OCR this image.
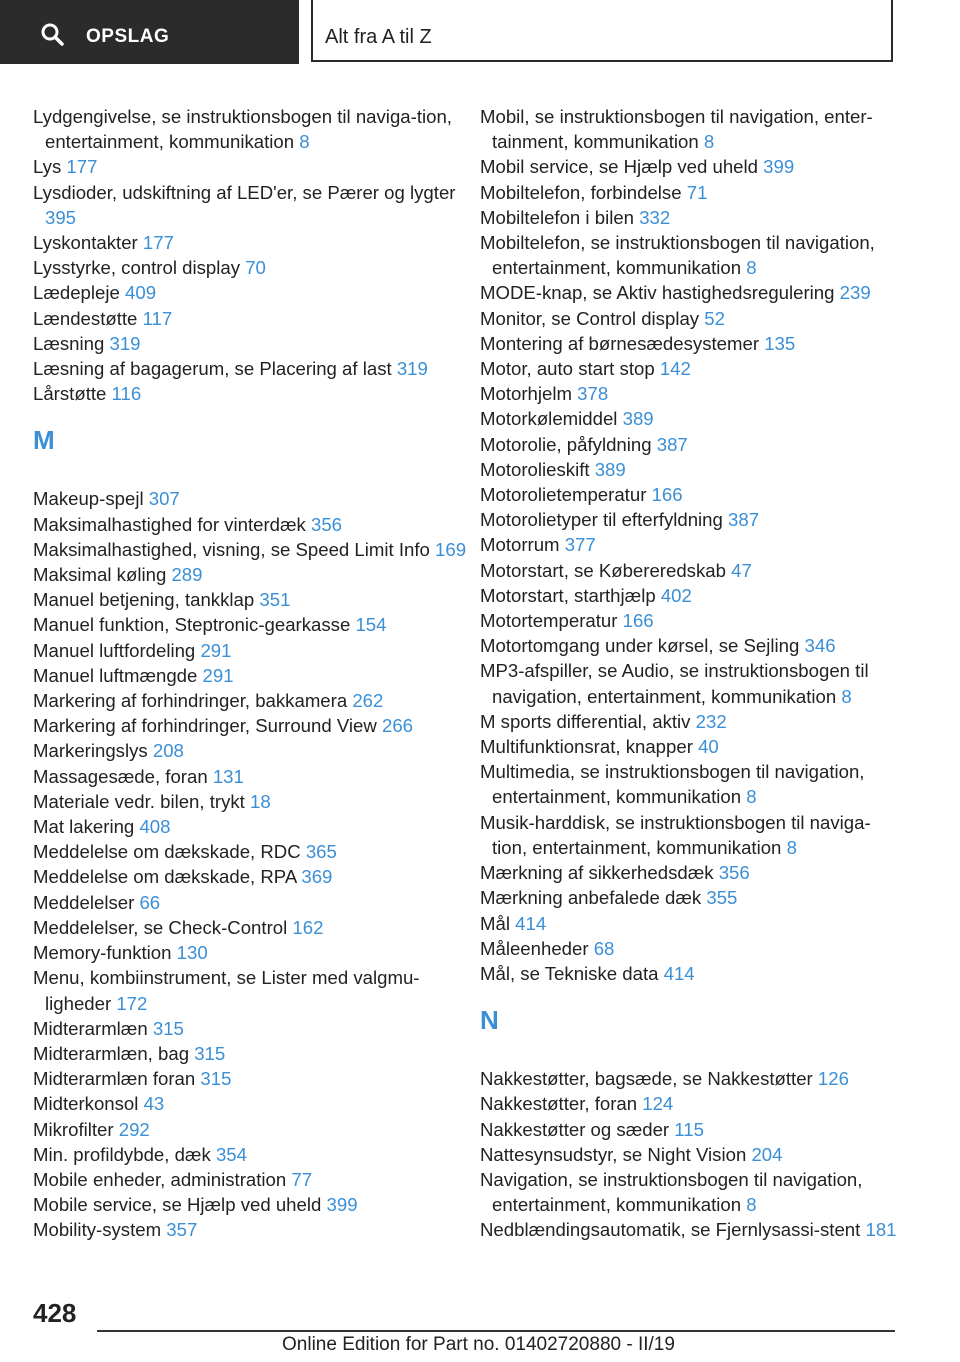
OPSLAG	Alt fra A til Z
Lydgengivelse, se instruktionsbogen til naviga‐tion, entertainment, kommunikation 8
Lys 177
Lysdioder, udskiftning af LED'er, se Pærer og lygter 395
Lyskontakter 177
Lysstyrke, control display 70
Lædepleje 409
Lændestøtte 117
Læsning 319
Læsning af bagagerum, se Placering af last 319
Lårstøtte 116
M
Makeup-spejl 307
Maksimalhastighed for vinterdæk 356
Maksimalhastighed, visning, se Speed Limit Info 169
Maksimal køling 289
Manuel betjening, tankklap 351
Manuel funktion, Steptronic-gearkasse 154
Manuel luftfordeling 291
Manuel luftmængde 291
Markering af forhindringer, bakkamera 262
Markering af forhindringer, Surround View 266
Markeringslys 208
Massagesæde, foran 131
Materiale vedr. bilen, trykt 18
Mat lakering 408
Meddelelse om dækskade, RDC 365
Meddelelse om dækskade, RPA 369
Meddelelser 66
Meddelelser, se Check-Control 162
Memory-funktion 130
Menu, kombiinstrument, se Lister med valgmu‐ligheder 172
Midterarmlæn 315
Midterarmlæn, bag 315
Midterarmlæn foran 315
Midterkonsol 43
Mikrofilter 292
Min. profildybde, dæk 354
Mobile enheder, administration 77
Mobile service, se Hjælp ved uheld 399
Mobility-system 357
Mobil, se instruktionsbogen til navigation, enter‐tainment, kommunikation 8
Mobil service, se Hjælp ved uheld 399
Mobiltelefon, forbindelse 71
Mobiltelefon i bilen 332
Mobiltelefon, se instruktionsbogen til navigation, entertainment, kommunikation 8
MODE-knap, se Aktiv hastighedsregulering 239
Monitor, se Control display 52
Montering af børnesædesystemer 135
Motor, auto start stop 142
Motorhjelm 378
Motorkølemiddel 389
Motorolie, påfyldning 387
Motorolieskift 389
Motorolietemperatur 166
Motorolietyper til efterfyldning 387
Motorrum 377
Motorstart, se Købereredskab 47
Motorstart, starthjælp 402
Motortemperatur 166
Motortomgang under kørsel, se Sejling 346
MP3-afspiller, se Audio, se instruktionsbogen til navigation, entertainment, kommunikation 8
M sports differential, aktiv 232
Multifunktionsrat, knapper 40
Multimedia, se instruktionsbogen til navigation, entertainment, kommunikation 8
Musik-harddisk, se instruktionsbogen til naviga‐tion, entertainment, kommunikation 8
Mærkning af sikkerhedsdæk 356
Mærkning anbefalede dæk 355
Mål 414
Måleenheder 68
Mål, se Tekniske data 414
N
Nakkestøtter, bagsæde, se Nakkestøtter 126
Nakkestøtter, foran 124
Nakkestøtter og sæder 115
Nattesynsudstyr, se Night Vision 204
Navigation, se instruktionsbogen til navigation, entertainment, kommunikation 8
Nedblændingsautomatik, se Fjernlysassi‐stent 181
428
Online Edition for Part no. 01402720880 - II/19
